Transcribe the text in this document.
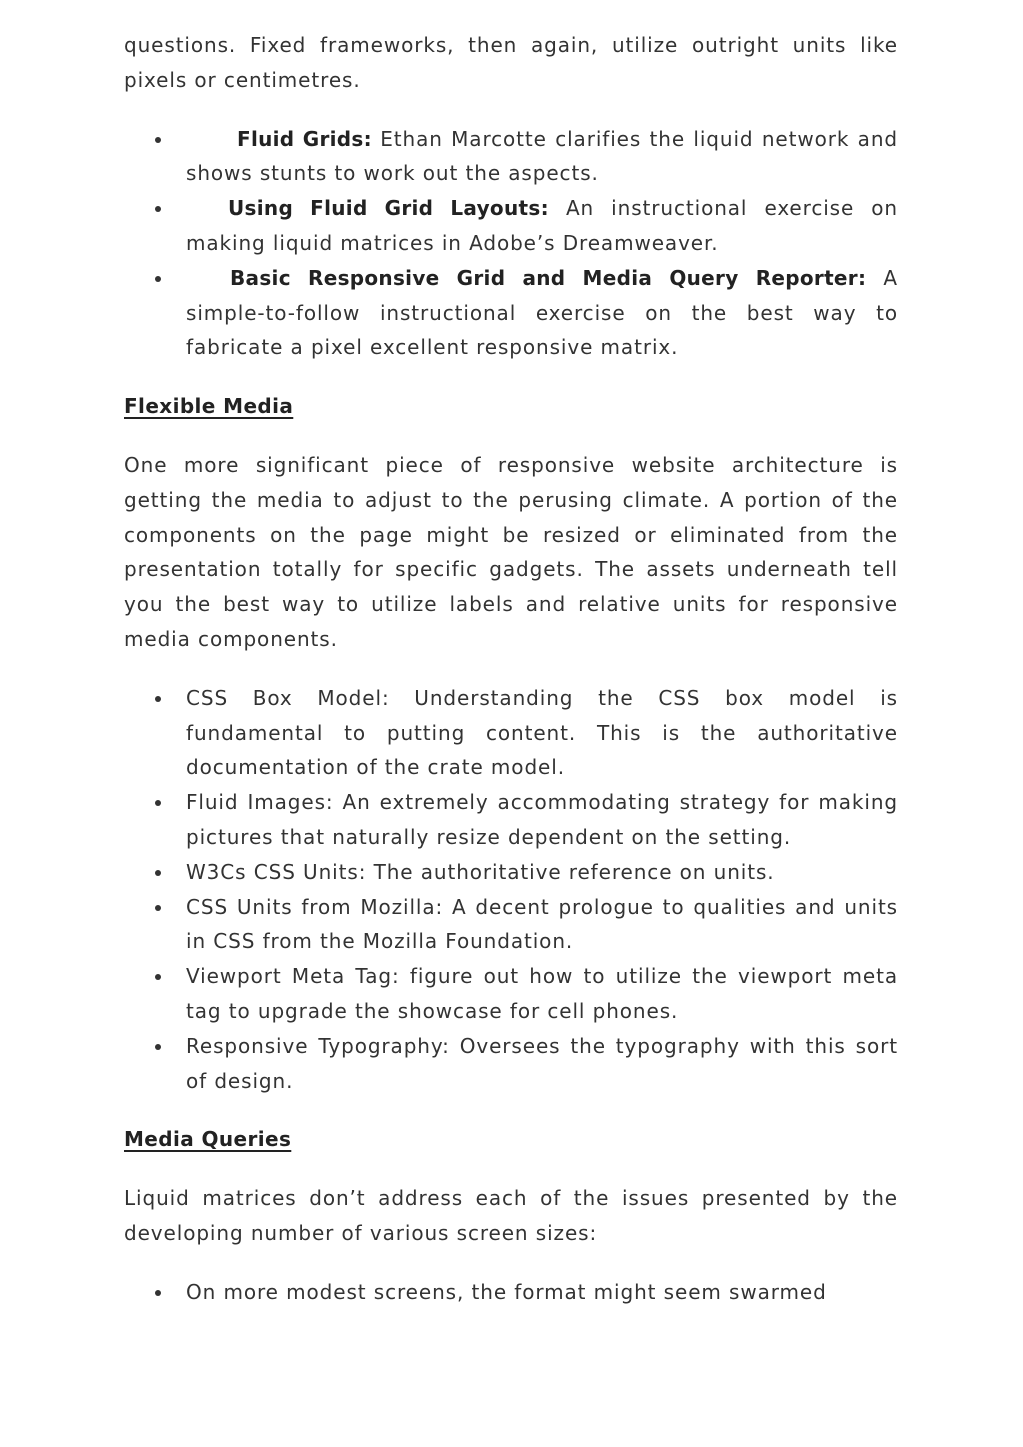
questions. Fixed frameworks, then again, utilize outright units like pixels or centimetres.

Fluid Grids: Ethan Marcotte clarifies the liquid network and shows stunts to work out the aspects.
Using Fluid Grid Layouts: An instructional exercise on making liquid matrices in Adobe’s Dreamweaver.
Basic Responsive Grid and Media Query Reporter: A simple-to-follow instructional exercise on the best way to fabricate a pixel excellent responsive matrix.
Flexible Media

One more significant piece of responsive website architecture is getting the media to adjust to the perusing climate. A portion of the components on the page might be resized or eliminated from the presentation totally for specific gadgets. The assets underneath tell you the best way to utilize labels and relative units for responsive media components.

CSS Box Model: Understanding the CSS box model is fundamental to putting content. This is the authoritative documentation of the crate model.
Fluid Images: An extremely accommodating strategy for making pictures that naturally resize dependent on the setting.
W3Cs CSS Units: The authoritative reference on units.
CSS Units from Mozilla: A decent prologue to qualities and units in CSS from the Mozilla Foundation.
Viewport Meta Tag: figure out how to utilize the viewport meta tag to upgrade the showcase for cell phones.
Responsive Typography: Oversees the typography with this sort of design.
Media Queries

Liquid matrices don’t address each of the issues presented by the developing number of various screen sizes:

On more modest screens, the format might seem swarmed
